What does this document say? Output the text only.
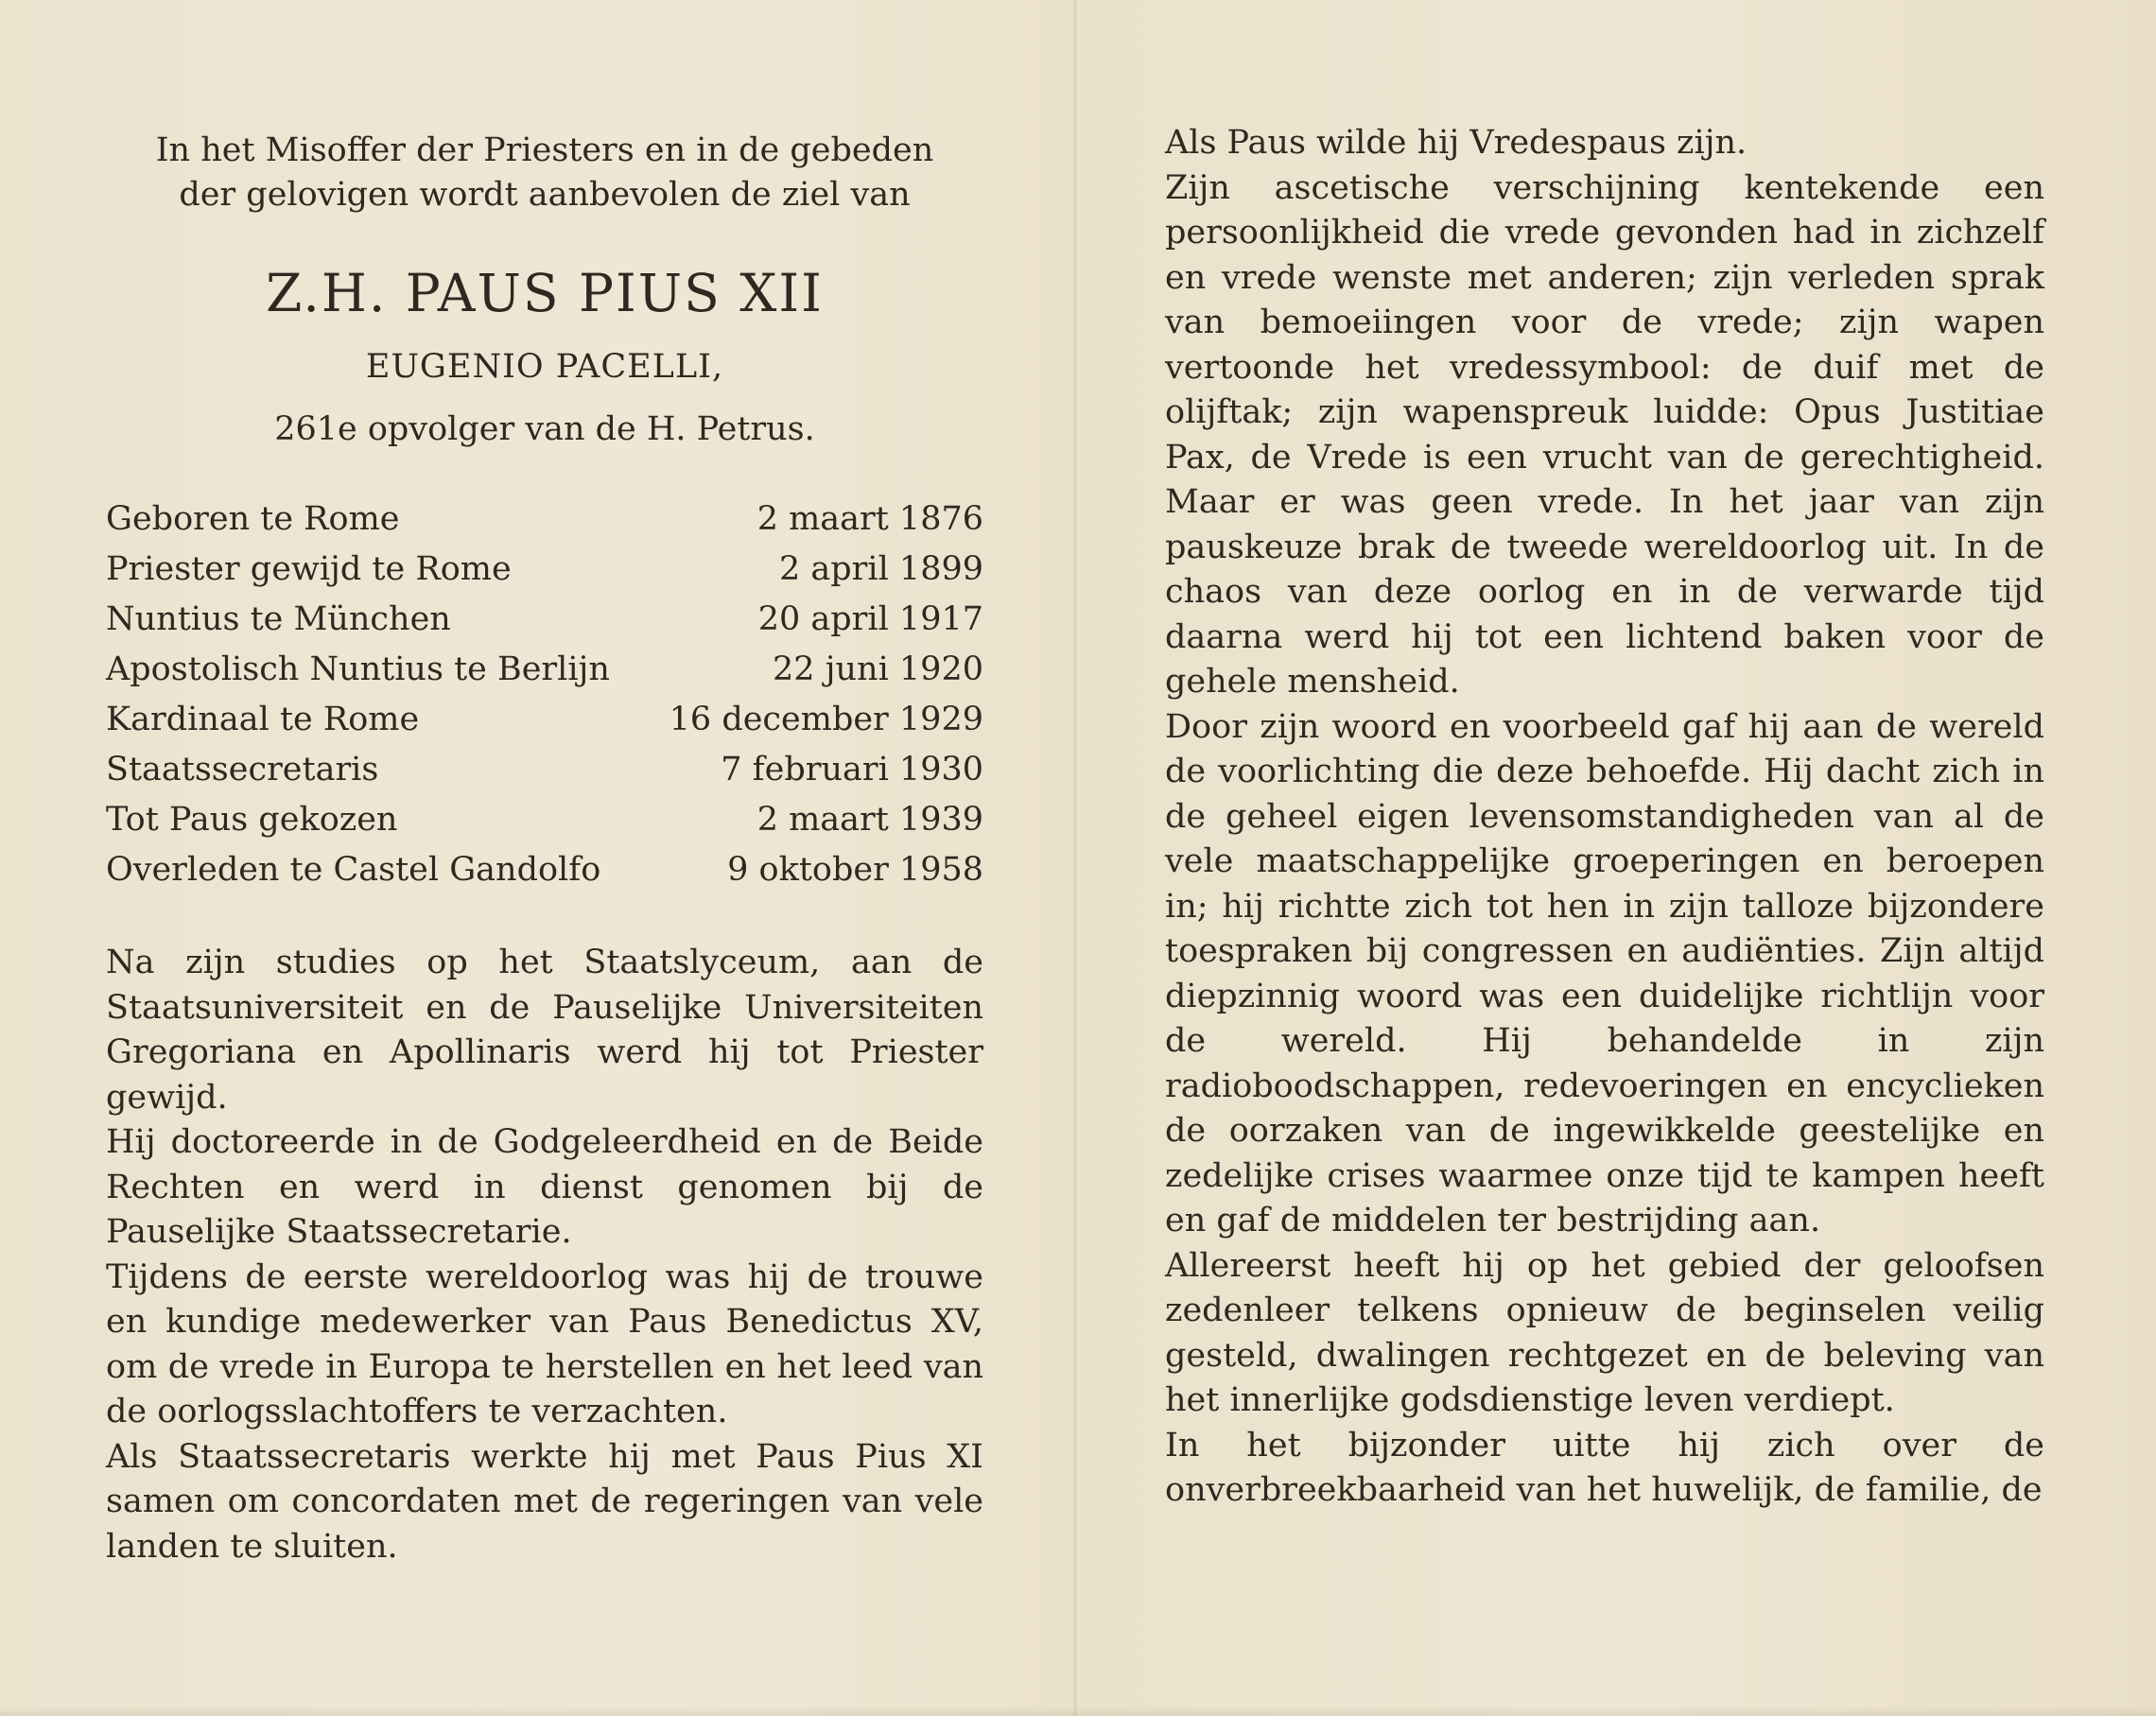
In het Misoffer der Priesters en in de gebeden
der gelovigen wordt aanbevolen de ziel van
Z.H. PAUS PIUS XII
EUGENIO PACELLI,
261e opvolger van de H. Petrus.
Geboren te Rome	2 maart 1876
Priester gewijd te Rome	2 april 1899
Nuntius te München	20 april 1917
Apostolisch Nuntius te Berlijn	22 juni 1920
Kardinaal te Rome	16 december 1929
Staatssecretaris	7 februari 1930
Tot Paus gekozen	2 maart 1939
Overleden te Castel Gandolfo	9 oktober 1958

Na zijn studies op het Staatslyceum, aan de Staatsuniversiteit en de Pauselijke Universiteiten Gregoriana en Apollinaris werd hij tot Priester gewijd.

Hij doctoreerde in de Godgeleerdheid en de Beide Rechten en werd in dienst genomen bij de Pauselijke Staatssecretarie.

Tijdens de eerste wereldoorlog was hij de trouwe en kundige medewerker van Paus Benedictus XV, om de vrede in Europa te herstellen en het leed van de oorlogsslachtoffers te verzachten.

Als Staatssecretaris werkte hij met Paus Pius XI samen om concordaten met de regeringen van vele landen te sluiten.

Als Paus wilde hij Vredespaus zijn.

Zijn ascetische verschijning kentekende een persoonlijkheid die vrede gevonden had in zichzelf en vrede wenste met anderen; zijn verleden sprak van bemoeiingen voor de vrede; zijn wapen vertoonde het vredessymbool: de duif met de olijftak; zijn wapenspreuk luidde: Opus Justitiae Pax, de Vrede is een vrucht van de gerechtigheid. Maar er was geen vrede. In het jaar van zijn pauskeuze brak de tweede wereldoorlog uit. In de chaos van deze oorlog en in de verwarde tijd daarna werd hij tot een lichtend baken voor de gehele mensheid.

Door zijn woord en voorbeeld gaf hij aan de wereld de voorlichting die deze behoefde. Hij dacht zich in de geheel eigen levensomstandigheden van al de vele maatschappelijke groeperingen en beroepen in; hij richtte zich tot hen in zijn talloze bijzondere toespraken bij congressen en audiënties. Zijn altijd diepzinnig woord was een duidelijke richtlijn voor de wereld. Hij behandelde in zijn radioboodschappen, redevoeringen en encyclieken de oorzaken van de ingewikkelde geestelijke en zedelijke crises waarmee onze tijd te kampen heeft en gaf de middelen ter bestrijding aan.

Allereerst heeft hij op het gebied der geloofsen zedenleer telkens opnieuw de beginselen veilig gesteld, dwalingen rechtgezet en de beleving van het innerlijke godsdienstige leven verdiept.

In het bijzonder uitte hij zich over de onverbreekbaarheid van het huwelijk, de familie, de
